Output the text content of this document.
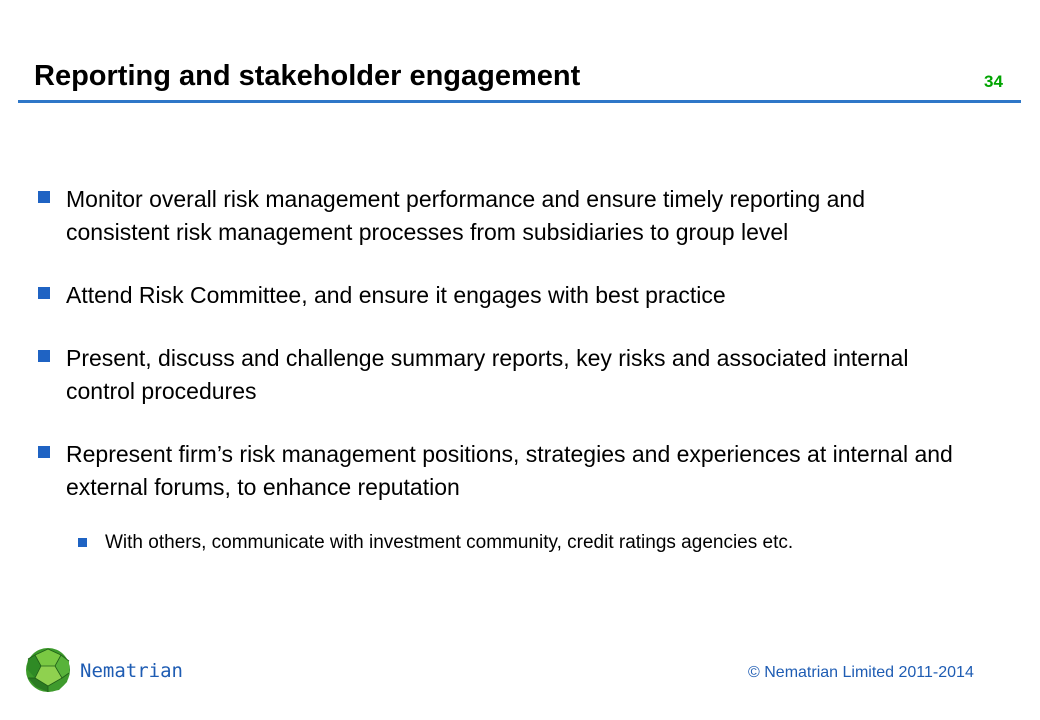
Reporting and stakeholder engagement	34
Monitor overall risk management performance and ensure timely reporting and consistent risk management processes from subsidiaries to group level
Attend Risk Committee, and ensure it engages with best practice
Present, discuss and challenge summary reports, key risks and associated internal control procedures
Represent firm’s risk management positions, strategies and experiences at internal and external forums, to enhance reputation
With others, communicate with investment community, credit ratings agencies etc.
Nematrian	© Nematrian Limited 2011-2014
